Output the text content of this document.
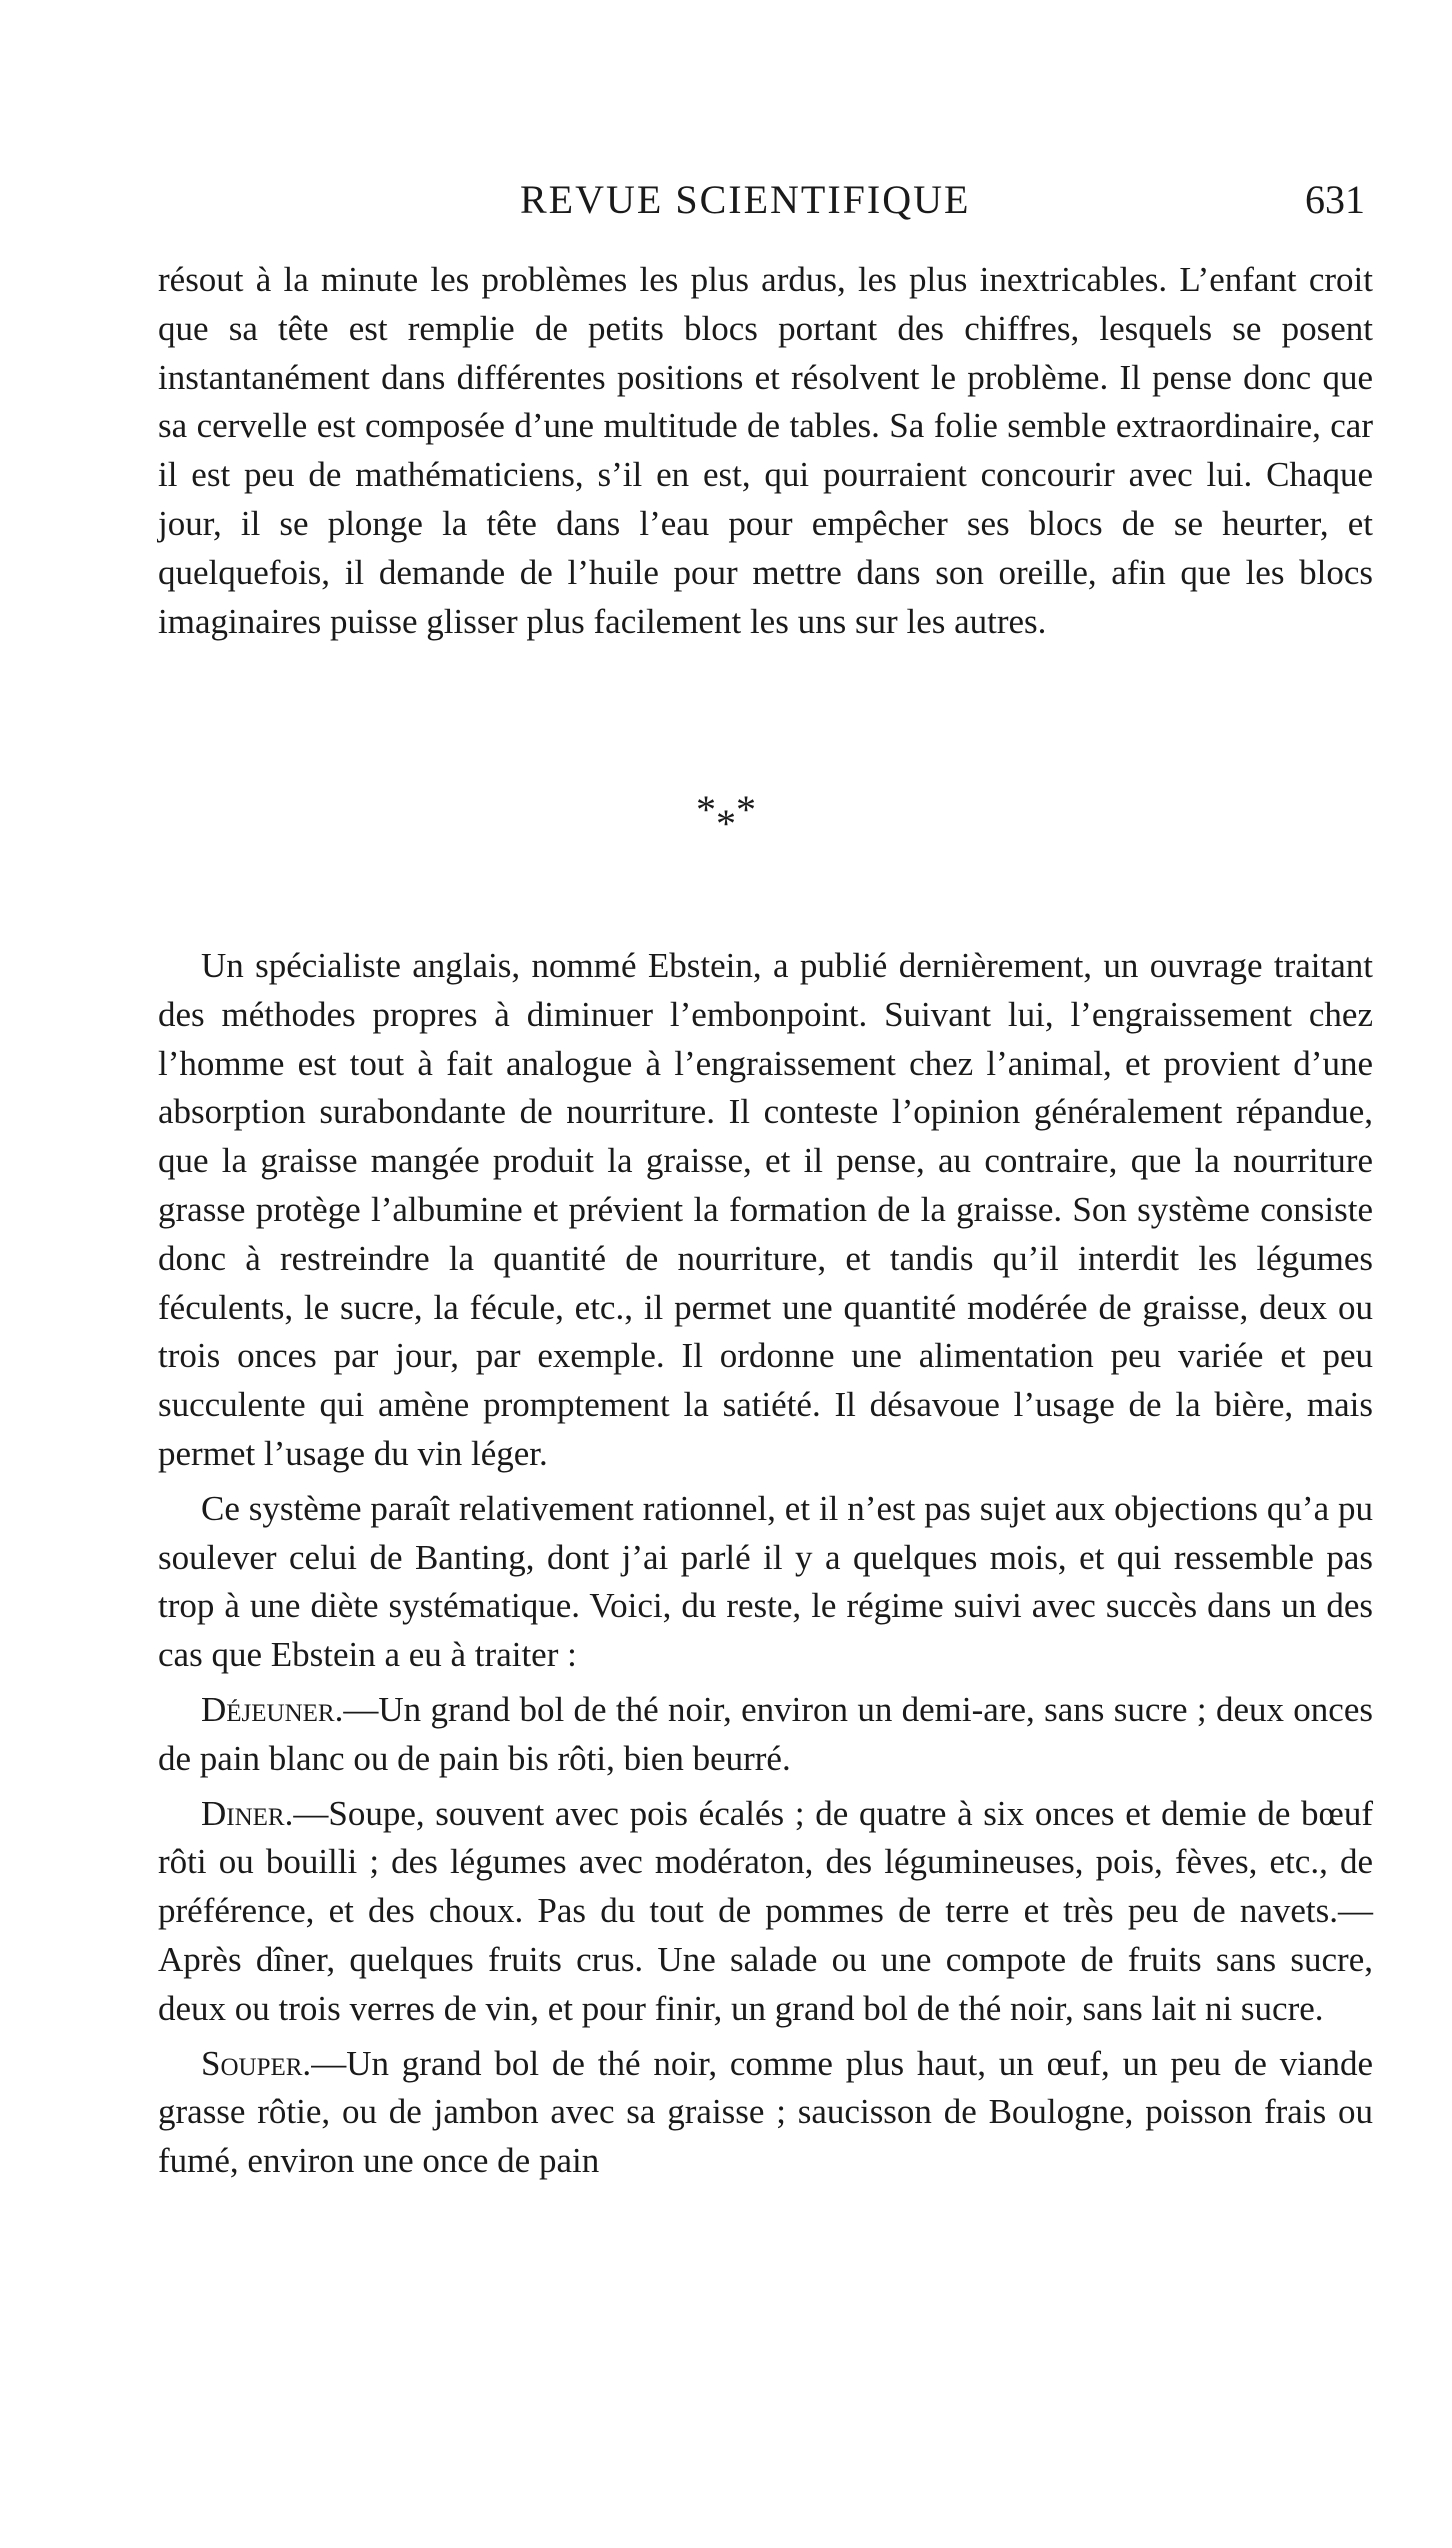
REVUE SCIENTIFIQUE	631

résout à la minute les problèmes les plus ardus, les plus inextricables. L’enfant croit que sa tête est remplie de petits blocs portant des chiffres, lesquels se posent instantanément dans différentes positions et résolvent le problème. Il pense donc que sa cervelle est composée d’une multitude de tables. Sa folie semble extraordinaire, car il est peu de mathématiciens, s’il en est, qui pourraient concourir avec lui. Chaque jour, il se plonge la tête dans l’eau pour empêcher ses blocs de se heurter, et quelquefois, il demande de l’huile pour mettre dans son oreille, afin que les blocs imaginaires puisse glisser plus facilement les uns sur les autres.

***

Un spécialiste anglais, nommé Ebstein, a publié dernièrement, un ouvrage traitant des méthodes propres à diminuer l’embonpoint. Suivant lui, l’engraissement chez l’homme est tout à fait analogue à l’engraissement chez l’animal, et provient d’une absorption surabondante de nourriture. Il conteste l’opinion généralement répandue, que la graisse mangée produit la graisse, et il pense, au contraire, que la nourriture grasse protège l’albumine et prévient la formation de la graisse. Son système consiste donc à restreindre la quantité de nourriture, et tandis qu’il interdit les légumes féculents, le sucre, la fécule, etc., il permet une quantité modérée de graisse, deux ou trois onces par jour, par exemple. Il ordonne une alimentation peu variée et peu succulente qui amène promptement la satiété. Il désavoue l’usage de la bière, mais permet l’usage du vin léger.

Ce système paraît relativement rationnel, et il n’est pas sujet aux objections qu’a pu soulever celui de Banting, dont j’ai parlé il y a quelques mois, et qui ressemble pas trop à une diète systématique. Voici, du reste, le régime suivi avec succès dans un des cas que Ebstein a eu à traiter :

Déjeuner.—Un grand bol de thé noir, environ un demi-are, sans sucre ; deux onces de pain blanc ou de pain bis rôti, bien beurré.

Diner.—Soupe, souvent avec pois écalés ; de quatre à six onces et demie de bœuf rôti ou bouilli ; des légumes avec modératon, des légumineuses, pois, fèves, etc., de préférence, et des choux. Pas du tout de pommes de terre et très peu de navets.—Après dîner, quelques fruits crus. Une salade ou une compote de fruits sans sucre, deux ou trois verres de vin, et pour finir, un grand bol de thé noir, sans lait ni sucre.

Souper.—Un grand bol de thé noir, comme plus haut, un œuf, un peu de viande grasse rôtie, ou de jambon avec sa graisse ; saucisson de Boulogne, poisson frais ou fumé, environ une once de pain
